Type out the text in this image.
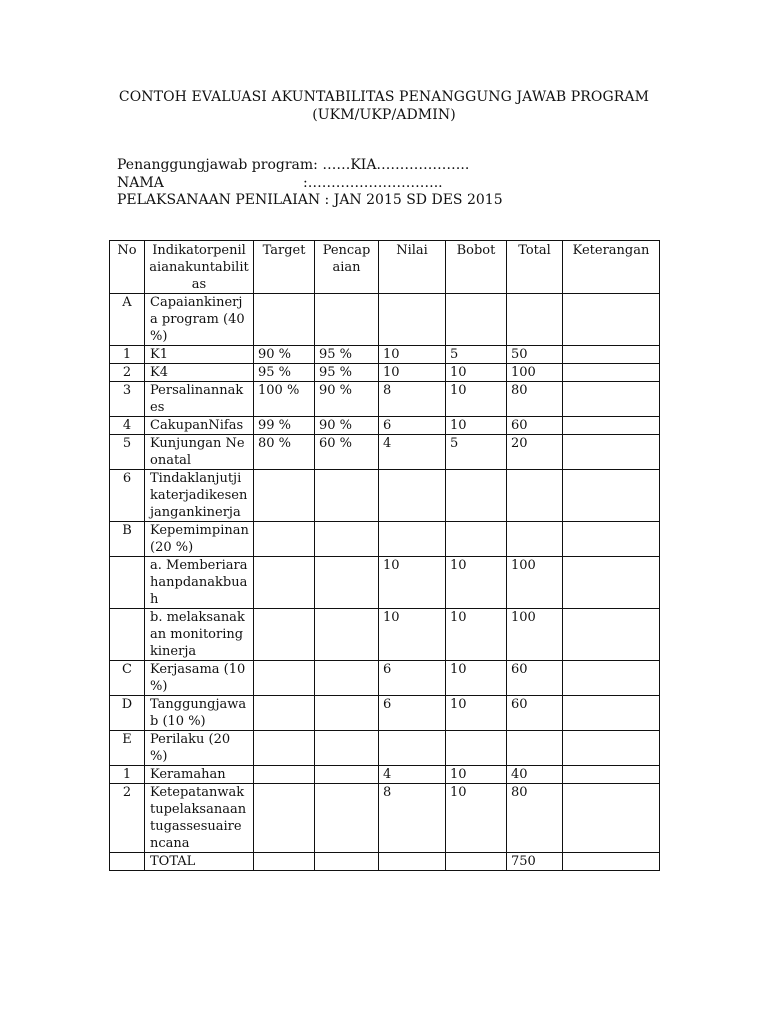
CONTOH EVALUASI AKUNTABILITAS PENANGGUNG JAWAB PROGRAM
(UKM/UKP/ADMIN)
Penanggungjawab program: ……KIA………………..
NAMA	:………………………..
PELAKSANAAN PENILAIAN : JAN 2015 SD DES 2015
No	Indikatorpenilaianakuntabilitas	Target	Pencapaian	Nilai	Bobot	Total	Keterangan
A	Capaiankinerja program (40 %)						
1	K1	90 %	95 %	10	5	50	
2	K4	95 %	95 %	10	10	100	
3	Persalinannakes	100 %	90 %	8	10	80	
4	CakupanNifas	99 %	90 %	6	10	60	
5	Kunjungan Neonatal	80 %	60 %	4	5	20	
6	Tindaklanjutjikaterjadikesenjangankinerja						
B	Kepemimpinan (20 %)						
	a. Memberiarahanpdanakbuah			10	10	100	
	b. melaksanakan monitoring kinerja			10	10	100	
C	Kerjasama (10 %)			6	10	60	
D	Tanggungjawab (10 %)			6	10	60	
E	Perilaku (20 %)						
1	Keramahan			4	10	40	
2	Ketepatanwaktupelaksanaantugassesuairencana			8	10	80	
	TOTAL					750	
